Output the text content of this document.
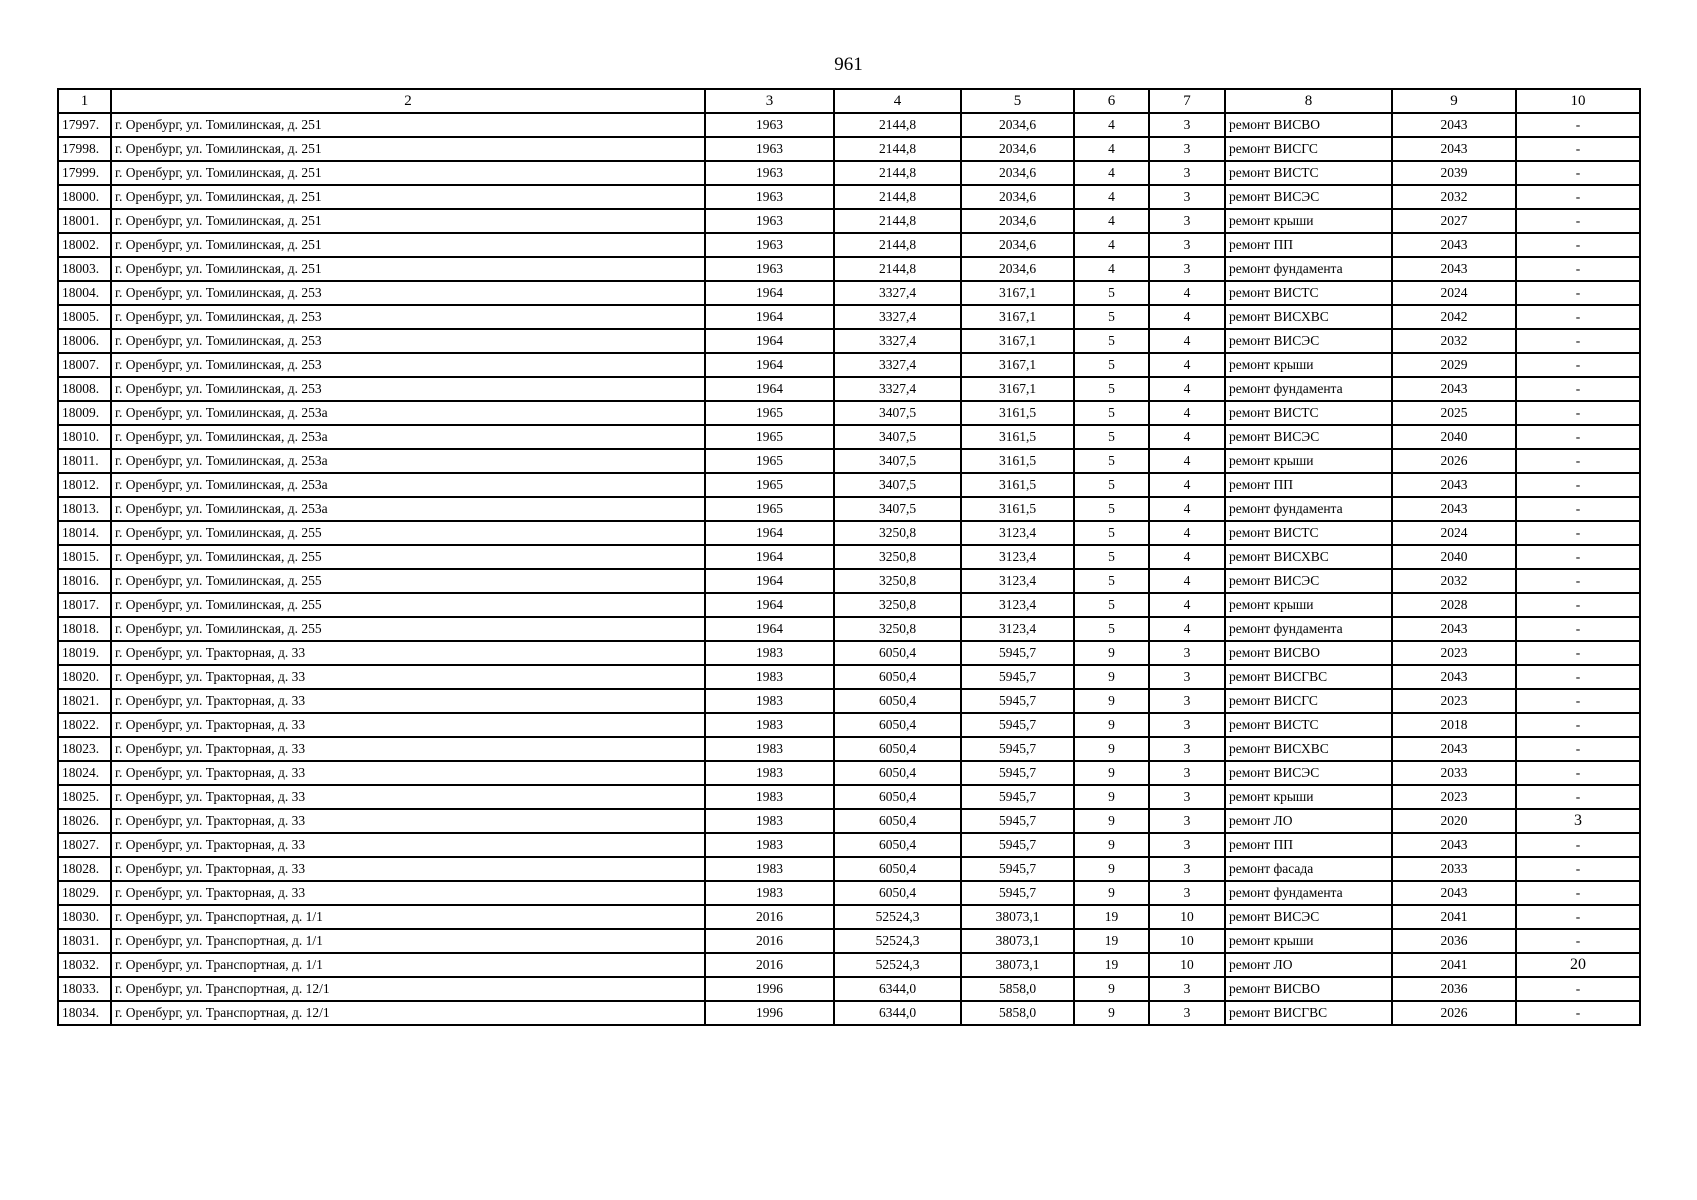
961
1	2	3	4	5	6	7	8	9	10
17997.	г. Оренбург, ул. Томилинская, д. 251	1963	2144,8	2034,6	4	3	ремонт ВИСВО	2043	-
17998.	г. Оренбург, ул. Томилинская, д. 251	1963	2144,8	2034,6	4	3	ремонт ВИСГС	2043	-
17999.	г. Оренбург, ул. Томилинская, д. 251	1963	2144,8	2034,6	4	3	ремонт ВИСТС	2039	-
18000.	г. Оренбург, ул. Томилинская, д. 251	1963	2144,8	2034,6	4	3	ремонт ВИСЭС	2032	-
18001.	г. Оренбург, ул. Томилинская, д. 251	1963	2144,8	2034,6	4	3	ремонт крыши	2027	-
18002.	г. Оренбург, ул. Томилинская, д. 251	1963	2144,8	2034,6	4	3	ремонт ПП	2043	-
18003.	г. Оренбург, ул. Томилинская, д. 251	1963	2144,8	2034,6	4	3	ремонт фундамента	2043	-
18004.	г. Оренбург, ул. Томилинская, д. 253	1964	3327,4	3167,1	5	4	ремонт ВИСТС	2024	-
18005.	г. Оренбург, ул. Томилинская, д. 253	1964	3327,4	3167,1	5	4	ремонт ВИСХВС	2042	-
18006.	г. Оренбург, ул. Томилинская, д. 253	1964	3327,4	3167,1	5	4	ремонт ВИСЭС	2032	-
18007.	г. Оренбург, ул. Томилинская, д. 253	1964	3327,4	3167,1	5	4	ремонт крыши	2029	-
18008.	г. Оренбург, ул. Томилинская, д. 253	1964	3327,4	3167,1	5	4	ремонт фундамента	2043	-
18009.	г. Оренбург, ул. Томилинская, д. 253а	1965	3407,5	3161,5	5	4	ремонт ВИСТС	2025	-
18010.	г. Оренбург, ул. Томилинская, д. 253а	1965	3407,5	3161,5	5	4	ремонт ВИСЭС	2040	-
18011.	г. Оренбург, ул. Томилинская, д. 253а	1965	3407,5	3161,5	5	4	ремонт крыши	2026	-
18012.	г. Оренбург, ул. Томилинская, д. 253а	1965	3407,5	3161,5	5	4	ремонт ПП	2043	-
18013.	г. Оренбург, ул. Томилинская, д. 253а	1965	3407,5	3161,5	5	4	ремонт фундамента	2043	-
18014.	г. Оренбург, ул. Томилинская, д. 255	1964	3250,8	3123,4	5	4	ремонт ВИСТС	2024	-
18015.	г. Оренбург, ул. Томилинская, д. 255	1964	3250,8	3123,4	5	4	ремонт ВИСХВС	2040	-
18016.	г. Оренбург, ул. Томилинская, д. 255	1964	3250,8	3123,4	5	4	ремонт ВИСЭС	2032	-
18017.	г. Оренбург, ул. Томилинская, д. 255	1964	3250,8	3123,4	5	4	ремонт крыши	2028	-
18018.	г. Оренбург, ул. Томилинская, д. 255	1964	3250,8	3123,4	5	4	ремонт фундамента	2043	-
18019.	г. Оренбург, ул. Тракторная, д. 33	1983	6050,4	5945,7	9	3	ремонт ВИСВО	2023	-
18020.	г. Оренбург, ул. Тракторная, д. 33	1983	6050,4	5945,7	9	3	ремонт ВИСГВС	2043	-
18021.	г. Оренбург, ул. Тракторная, д. 33	1983	6050,4	5945,7	9	3	ремонт ВИСГС	2023	-
18022.	г. Оренбург, ул. Тракторная, д. 33	1983	6050,4	5945,7	9	3	ремонт ВИСТС	2018	-
18023.	г. Оренбург, ул. Тракторная, д. 33	1983	6050,4	5945,7	9	3	ремонт ВИСХВС	2043	-
18024.	г. Оренбург, ул. Тракторная, д. 33	1983	6050,4	5945,7	9	3	ремонт ВИСЭС	2033	-
18025.	г. Оренбург, ул. Тракторная, д. 33	1983	6050,4	5945,7	9	3	ремонт крыши	2023	-
18026.	г. Оренбург, ул. Тракторная, д. 33	1983	6050,4	5945,7	9	3	ремонт ЛО	2020	3
18027.	г. Оренбург, ул. Тракторная, д. 33	1983	6050,4	5945,7	9	3	ремонт ПП	2043	-
18028.	г. Оренбург, ул. Тракторная, д. 33	1983	6050,4	5945,7	9	3	ремонт фасада	2033	-
18029.	г. Оренбург, ул. Тракторная, д. 33	1983	6050,4	5945,7	9	3	ремонт фундамента	2043	-
18030.	г. Оренбург, ул. Транспортная, д. 1/1	2016	52524,3	38073,1	19	10	ремонт ВИСЭС	2041	-
18031.	г. Оренбург, ул. Транспортная, д. 1/1	2016	52524,3	38073,1	19	10	ремонт крыши	2036	-
18032.	г. Оренбург, ул. Транспортная, д. 1/1	2016	52524,3	38073,1	19	10	ремонт ЛО	2041	20
18033.	г. Оренбург, ул. Транспортная, д. 12/1	1996	6344,0	5858,0	9	3	ремонт ВИСВО	2036	-
18034.	г. Оренбург, ул. Транспортная, д. 12/1	1996	6344,0	5858,0	9	3	ремонт ВИСГВС	2026	-
